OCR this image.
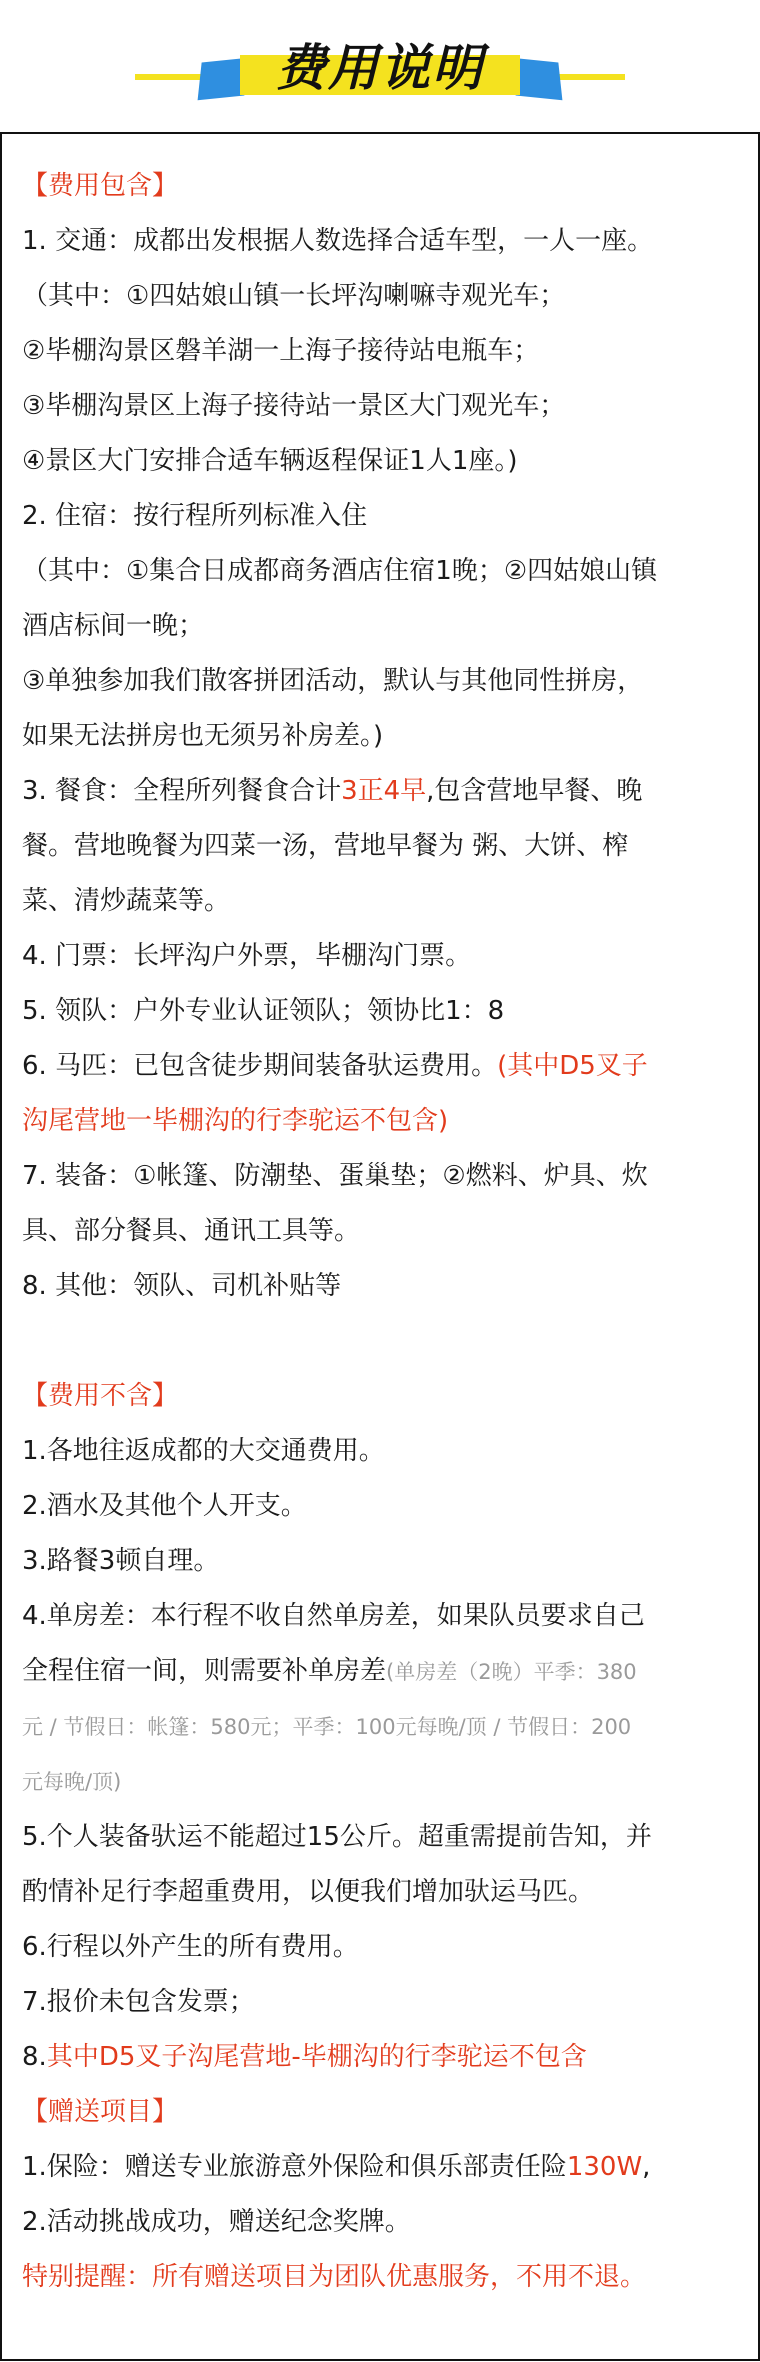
费用说明
【费用包含】
1. 交通：成都出发根据人数选择合适车型，一人一座。
（其中：①四姑娘山镇一长坪沟喇嘛寺观光车；
②毕棚沟景区磐羊湖一上海子接待站电瓶车；
③毕棚沟景区上海子接待站一景区大门观光车；
④景区大门安排合适车辆返程保证1人1座。)
2. 住宿：按行程所列标准入住
（其中：①集合日成都商务酒店住宿1晚；②四姑娘山镇
酒店标间一晚；
③单独参加我们散客拼团活动，默认与其他同性拼房，
如果无法拼房也无须另补房差。)
3. 餐食：全程所列餐食合计3正4早,包含营地早餐、晚
餐。营地晚餐为四菜一汤，营地早餐为 粥、大饼、榨
菜、清炒蔬菜等。
4. 门票：长坪沟户外票，毕棚沟门票。
5. 领队：户外专业认证领队；领协比1：8
6. 马匹：已包含徒步期间装备驮运费用。(其中D5叉子
沟尾营地一毕棚沟的行李驼运不包含)
7. 装备：①帐篷、防潮垫、蛋巢垫；②燃料、炉具、炊
具、部分餐具、通讯工具等。
8. 其他：领队、司机补贴等
【费用不含】
1.各地往返成都的大交通费用。
2.酒水及其他个人开支。
3.路餐3顿自理。
4.单房差：本行程不收自然单房差，如果队员要求自己
全程住宿一间，则需要补单房差(单房差（2晚）平季：380
元 / 节假日：帐篷：580元；平季：100元每晚/顶 / 节假日：200
元每晚/顶)
5.个人装备驮运不能超过15公斤。超重需提前告知，并
酌情补足行李超重费用，以便我们增加驮运马匹。
6.行程以外产生的所有费用。
7.报价未包含发票；
8.其中D5叉子沟尾营地-毕棚沟的行李驼运不包含
【赠送项目】
1.保险：赠送专业旅游意外保险和俱乐部责任险130W,
2.活动挑战成功，赠送纪念奖牌。
特别提醒：所有赠送项目为团队优惠服务，不用不退。
